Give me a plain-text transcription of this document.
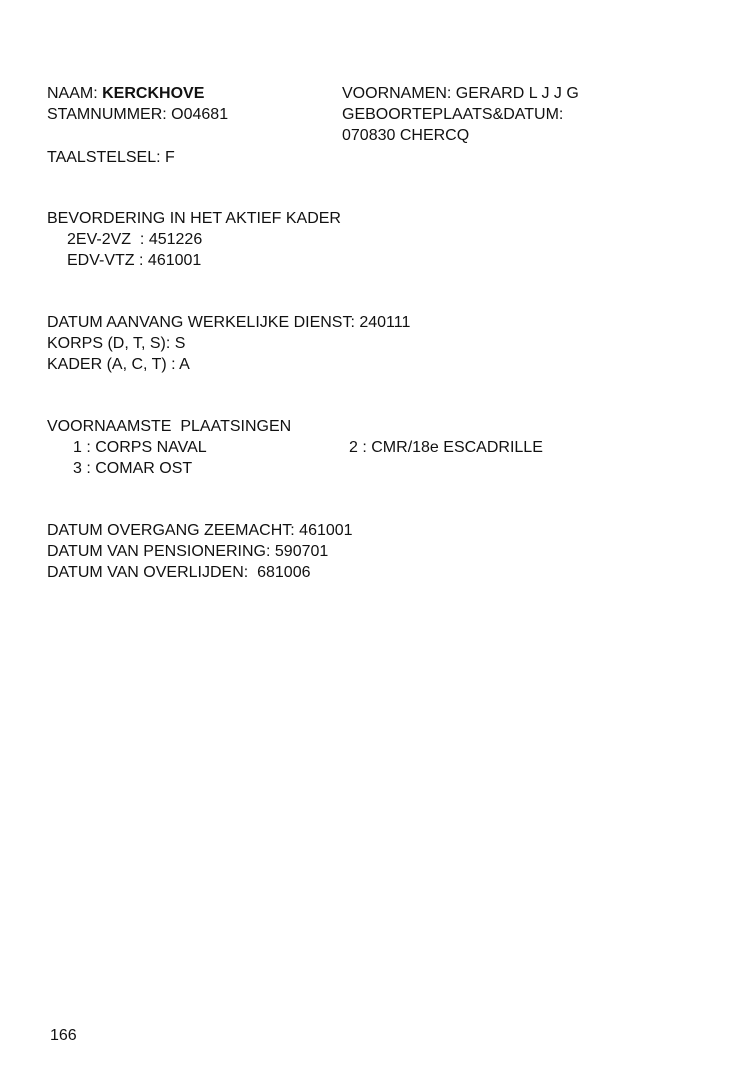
NAAM: KERCKHOVE	VOORNAMEN: GERARD L J J G
STAMNUMMER: O04681	GEBOORTEPLAATS&DATUM:
070830 CHERCQ
TAALSTELSEL: F
BEVORDERING IN HET AKTIEF KADER
2EV-2VZ : 451226
EDV-VTZ : 461001
DATUM AANVANG WERKELIJKE DIENST: 240111
KORPS (D, T, S): S
KADER (A, C, T) : A
VOORNAAMSTE  PLAATSINGEN
1 : CORPS NAVAL	2 : CMR/18e ESCADRILLE
3 : COMAR OST
DATUM OVERGANG ZEEMACHT: 461001
DATUM VAN PENSIONERING: 590701
DATUM VAN OVERLIJDEN: 681006
166
